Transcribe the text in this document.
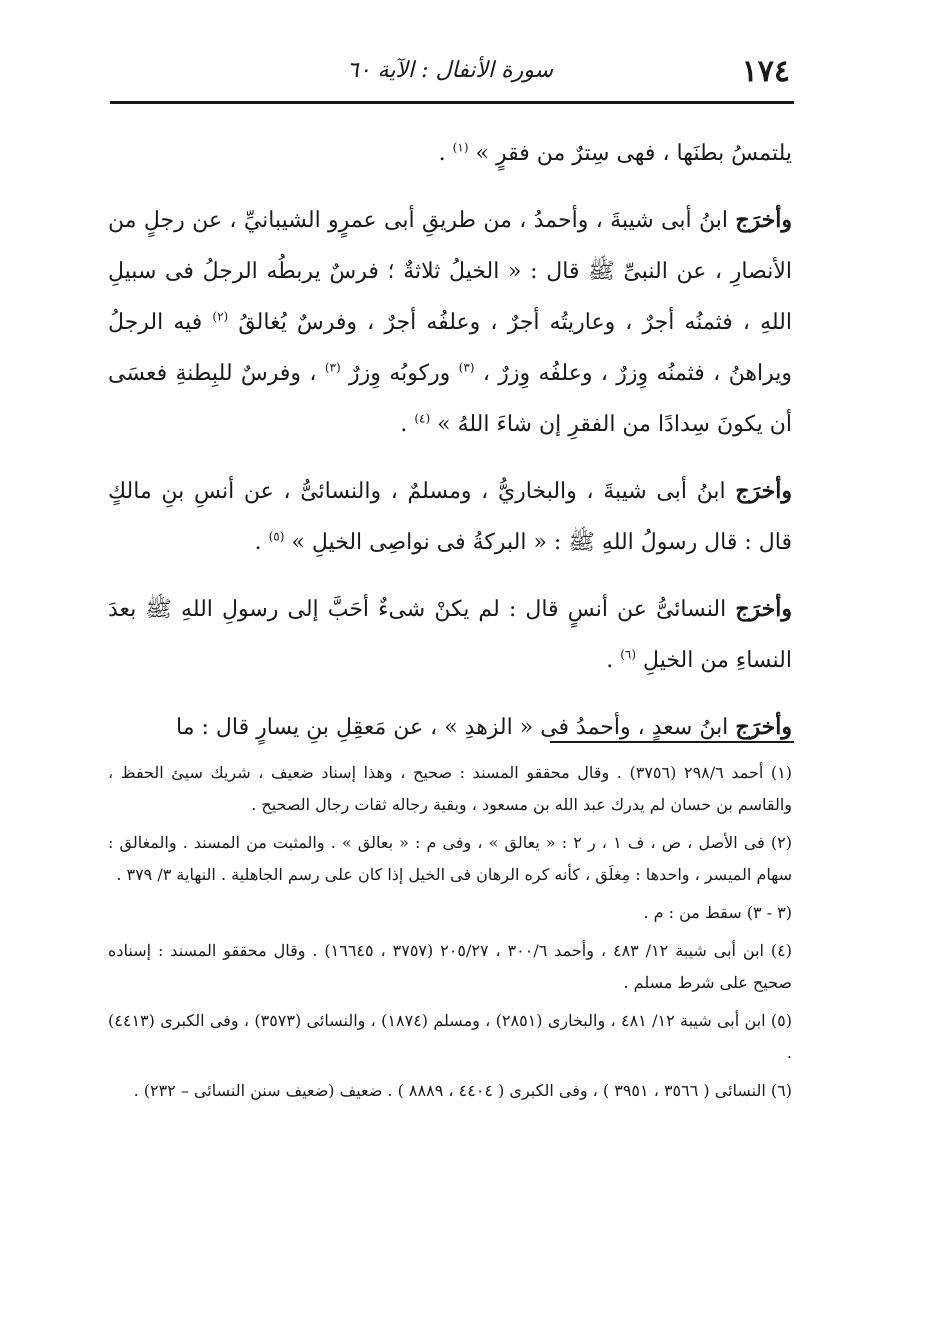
١٧٤
سورة الأنفال : الآية ٦٠

يلتمسُ بطنَها ، فهى سِترٌ من فقرٍ » $^{(١)}$ .

وأخرَج ابنُ أبى شيبةَ ، وأحمدُ ، من طريقِ أبى عمرٍو الشيبانيِّ ، عن رجلٍ من الأنصارِ ، عن النبىِّ ﷺ قال : « الخيلُ ثلاثةٌ ؛ فرسٌ يربطُه الرجلُ فى سبيلِ اللهِ ، فثمنُه أجرٌ ، وعاريتُه أجرٌ ، وعلفُه أجرٌ ، وفرسٌ يُغالقُ $^{(٢)}$ فيه الرجلُ ويراهنُ ، فثمنُه وِزرٌ ، وعلفُه وِزرٌ ، $^{(٣)}$ وركوبُه وِزرٌ $^{(٣)}$ ، وفرسٌ للبِطنةِ فعسَى أن يكونَ سِدادًا من الفقرِ إن شاءَ اللهُ » $^{(٤)}$ .

وأخرَج ابنُ أبى شيبةَ ، والبخاريُّ ، ومسلمٌ ، والنسائىُّ ، عن أنسِ بنِ مالكٍ قال : قال رسولُ اللهِ ﷺ : « البركةُ فى نواصِى الخيلِ » $^{(٥)}$ .

وأخرَج النسائىُّ عن أنسٍ قال : لم يكنْ شىءٌ أحَبَّ إلى رسولِ اللهِ ﷺ بعدَ النساءِ من الخيلِ $^{(٦)}$ .

وأخرَج ابنُ سعدٍ ، وأحمدُ فى « الزهدِ » ، عن مَعقِلِ بنِ يسارٍ قال : ما

(١) أحمد ٢٩٨/٦ (٣٧٥٦) . وقال محققو المسند : صحيح ، وهذا إسناد ضعيف ، شريك سيئ الحفظ ، والقاسم بن حسان لم يدرك عبد الله بن مسعود ، وبقية رجاله ثقات رجال الصحيح .

(٢) فى الأصل ، ص ، ف ١ ، ر ٢ : « يعالق » ، وفى م : « بعالق » . والمثبت من المسند . والمغالق : سهام الميسر ، واحدها : مِغلَق ، كأنه كره الرهان فى الخيل إذا كان على رسم الجاهلية . النهاية ٣/ ٣٧٩ .

(٣ - ٣) سقط من : م .

(٤) ابن أبى شيبة ١٢/ ٤٨٣ ، وأحمد ٣٠٠/٦ ، ٢٠٥/٢٧ (٣٧٥٧ ، ١٦٦٤٥) . وقال محققو المسند : إسناده صحيح على شرط مسلم .

(٥) ابن أبى شيبة ١٢/ ٤٨١ ، والبخارى (٢٨٥١) ، ومسلم (١٨٧٤) ، والنسائى (٣٥٧٣) ، وفى الكبرى (٤٤١٣) .

(٦) النسائى ( ٣٥٦٦ ، ٣٩٥١ ) ، وفى الكبرى ( ٤٤٠٤ ، ٨٨٨٩ ) . ضعيف (ضعيف سنن النسائى – ٢٣٢) .
